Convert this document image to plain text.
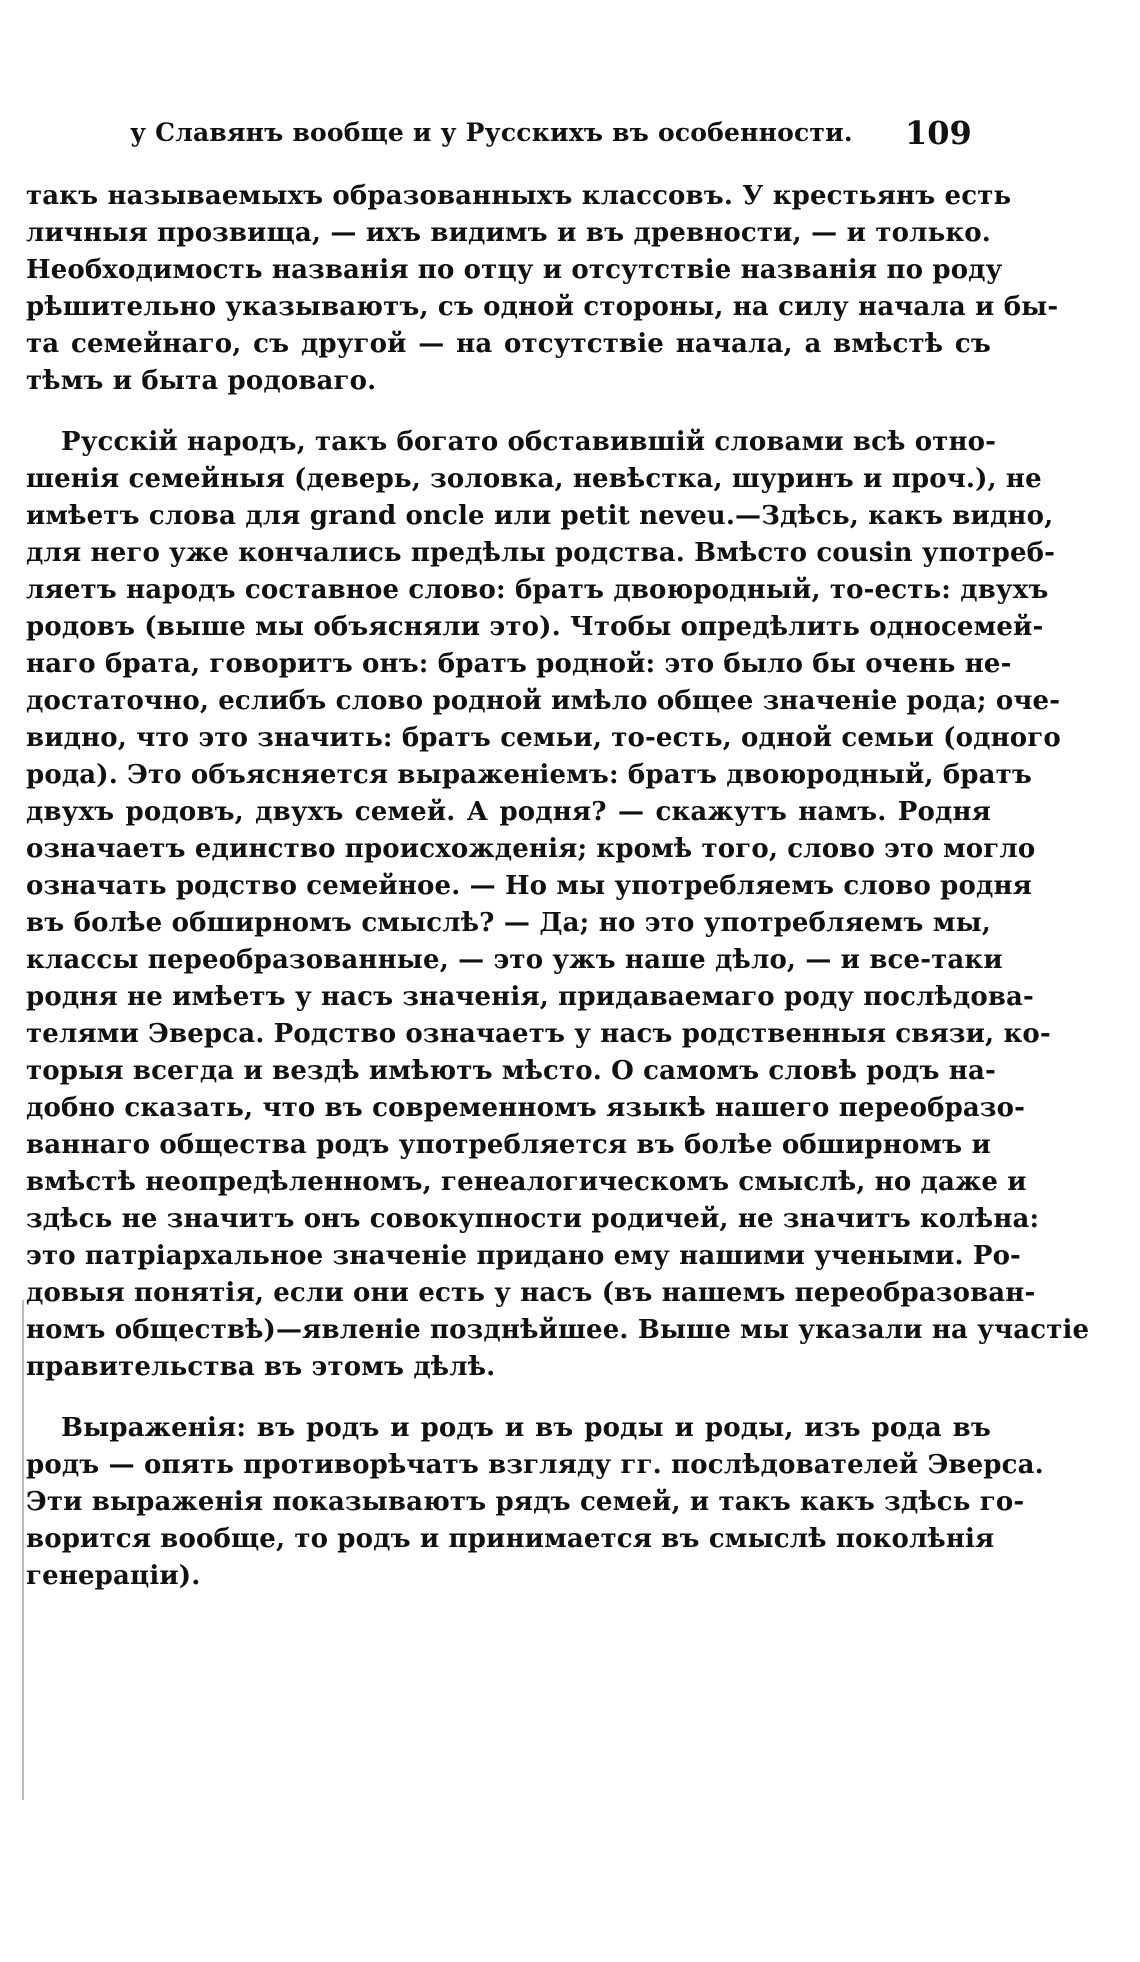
у Славянъ вообще и у Русскихъ въ особенности. 109
такъ называемыхъ образованныхъ классовъ. У крестьянъ есть
личныя прозвища, — ихъ видимъ и въ древности, — и только.
Необходимость названія по отцу и отсутствіе названія по роду
рѣшительно указываютъ, съ одной стороны, на силу начала и бы-
та семейнаго, съ другой — на отсутствіе начала, а вмѣстѣ съ
тѣмъ и быта родоваго.
Русскій народъ, такъ богато обставившій словами всѣ отно-
шенія семейныя (деверь, золовка, невѣстка, шуринъ и проч.), не
имѣетъ слова для grand oncle или petit neveu.—Здѣсь, какъ видно,
для него уже кончались предѣлы родства. Вмѣсто cousin употреб-
ляетъ народъ составное слово: братъ двоюродный, то-есть: двухъ
родовъ (выше мы объясняли это). Чтобы опредѣлить односемей-
наго брата, говоритъ онъ: братъ родной: это было бы очень не-
достаточно, еслибъ слово родной имѣло общее значеніе рода; оче-
видно, что это значить: братъ семьи, то-есть, одной семьи (одного
рода). Это объясняется выраженіемъ: братъ двоюродный, братъ
двухъ родовъ, двухъ семей. А родня? — скажутъ намъ. Родня
означаетъ единство происхожденія; кромѣ того, слово это могло
означать родство семейное. — Но мы употребляемъ слово родня
въ болѣе обширномъ смыслѣ? — Да; но это употребляемъ мы,
классы переобразованные, — это ужъ наше дѣло, — и все-таки
родня не имѣетъ у насъ значенія, придаваемаго роду послѣдова-
телями Эверса. Родство означаетъ у насъ родственныя связи, ко-
торыя всегда и вездѣ имѣютъ мѣсто. О самомъ словѣ родъ на-
добно сказать, что въ современномъ языкѣ нашего переобразо-
ваннаго общества родъ употребляется въ болѣе обширномъ и
вмѣстѣ неопредѣленномъ, генеалогическомъ смыслѣ, но даже и
здѣсь не значитъ онъ совокупности родичей, не значитъ колѣна:
это патріархальное значеніе придано ему нашими учеными. Ро-
довыя понятія, если они есть у насъ (въ нашемъ переобразован-
номъ обществѣ)—явленіе позднѣйшее. Выше мы указали на участіе
правительства въ этомъ дѣлѣ.
Выраженія: въ родъ и родъ и въ роды и роды, изъ рода въ
родъ — опять противорѣчатъ взгляду гг. послѣдователей Эверса.
Эти выраженія показываютъ рядъ семей, и такъ какъ здѣсь го-
ворится вообще, то родъ и принимается въ смыслѣ поколѣнія
генераціи).
